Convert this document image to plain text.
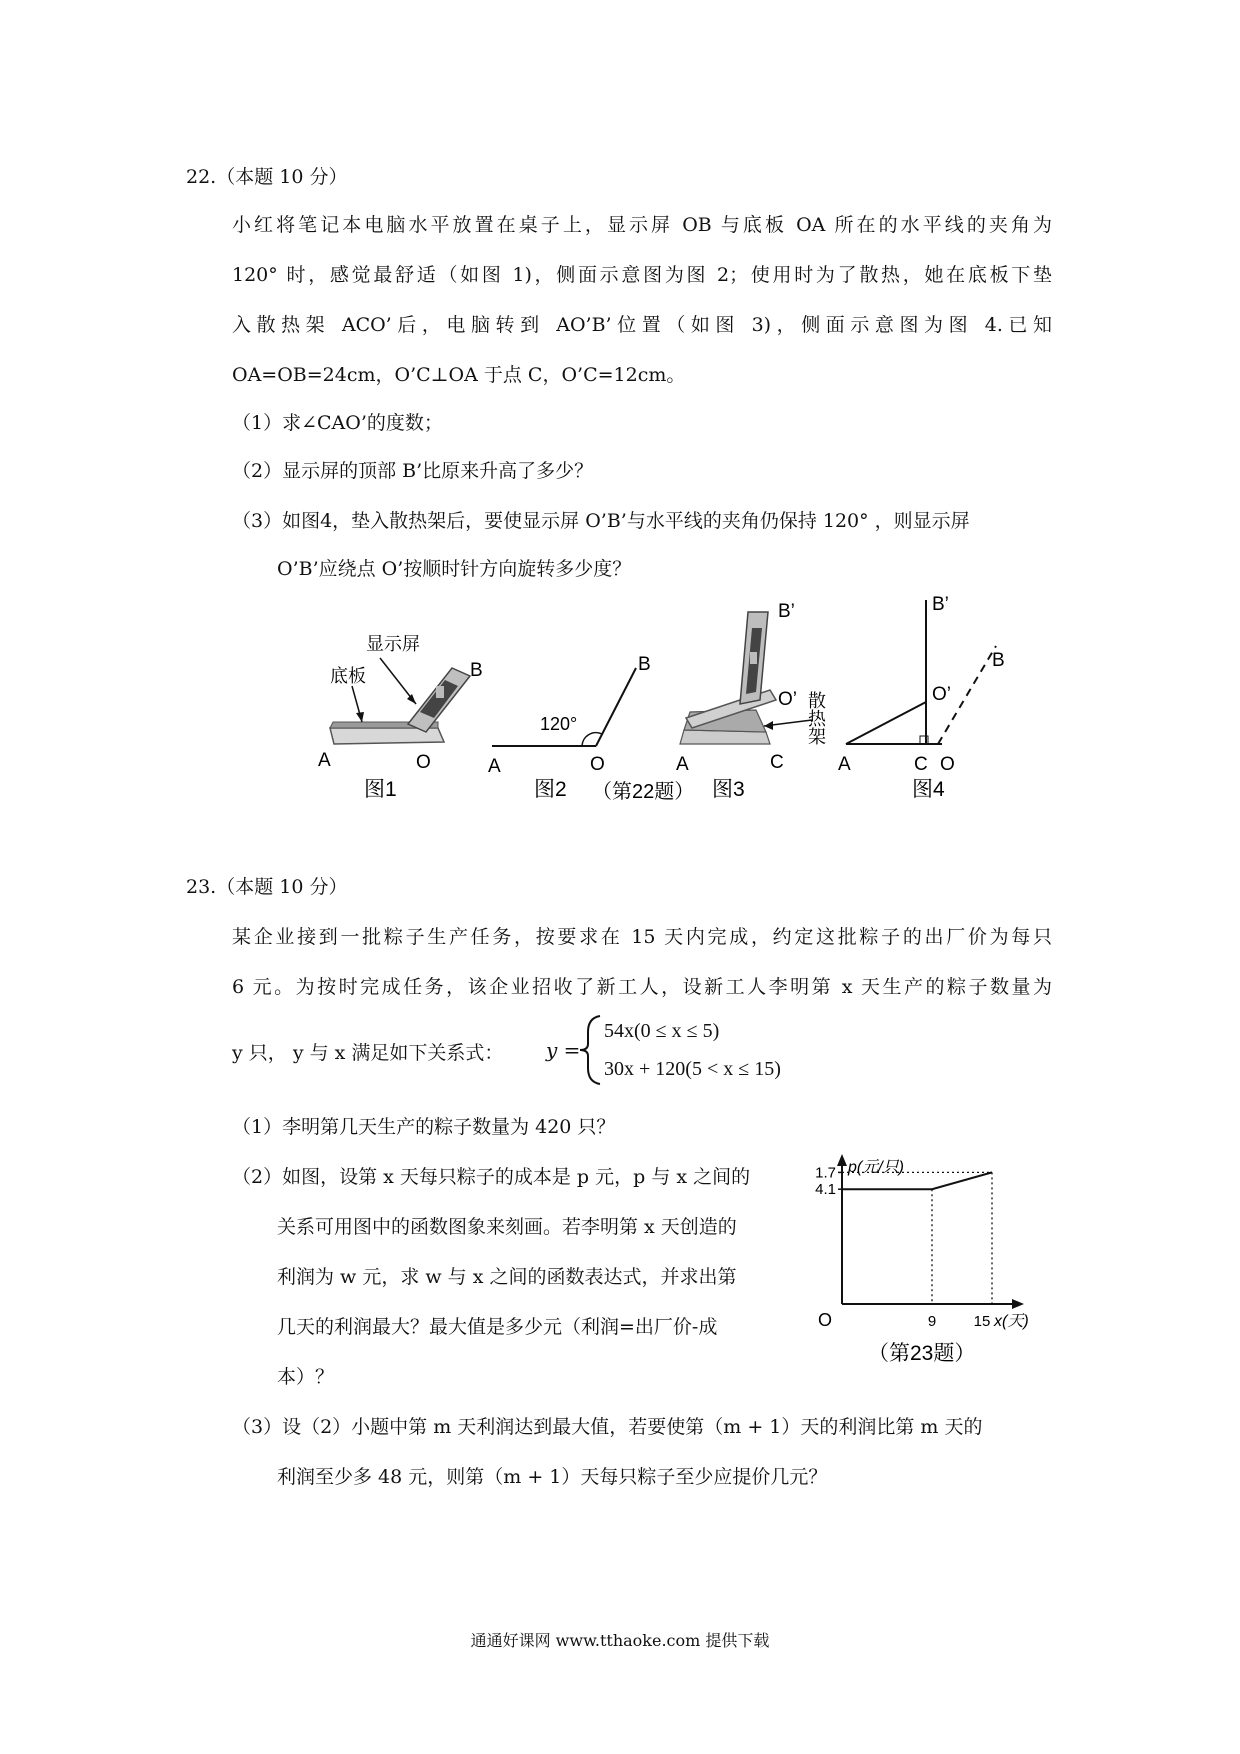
22.（本题 10 分）
小红将笔记本电脑水平放置在桌子上，显示屏 OB 与底板 OA 所在的水平线的夹角为
120° 时，感觉最舒适（如图 1)，侧面示意图为图 2；使用时为了散热，她在底板下垫
入散热架 ACO’后，电脑转到 AO’B’位置（如图 3)，侧面示意图为图 4.已知
OA=OB=24cm，O’C⊥OA 于点 C，O’C=12cm。
（1）求∠CAO’的度数；
（2）显示屏的顶部 B’比原来升高了多少？
（3）如图4，垫入散热架后，要使显示屏 O’B’与水平线的夹角仍保持 120° ，则显示屏
O’B’应绕点 O’按顺时针方向旋转多少度？
显示屏
底板	B
A	O
图1
120°
B
A	O
图2 （第22题）
B’
O’ 散
热
架
A	C
图3
B’
O’
B
A	C O
图4
23.（本题 10 分）
某企业接到一批粽子生产任务，按要求在 15 天内完成，约定这批粽子的出厂价为每只
6 元。为按时完成任务，该企业招收了新工人，设新工人李明第 x 天生产的粽子数量为
y 只， y 与 x 满足如下关系式： y =
54x(0 ≤ x ≤ 5)
30x + 120(5 < x ≤ 15)
（1）李明第几天生产的粽子数量为 420 只？
（2）如图，设第 x 天每只粽子的成本是 p 元，p 与 x 之间的
关系可用图中的函数图象来刻画。若李明第 x 天创造的
利润为 w 元，求 w 与 x 之间的函数表达式，并求出第
几天的利润最大？最大值是多少元（利润=出厂价-成
本）？
（3）设（2）小题中第 m 天利润达到最大值，若要使第（m + 1）天的利润比第 m 天的
利润至少多 48 元，则第（m + 1）天每只粽子至少应提价几元？
9 15
1.7
4.1
p(元/只)
x(天)
O
（第23题）
通通好课网 www.tthaoke.com 提供下载
